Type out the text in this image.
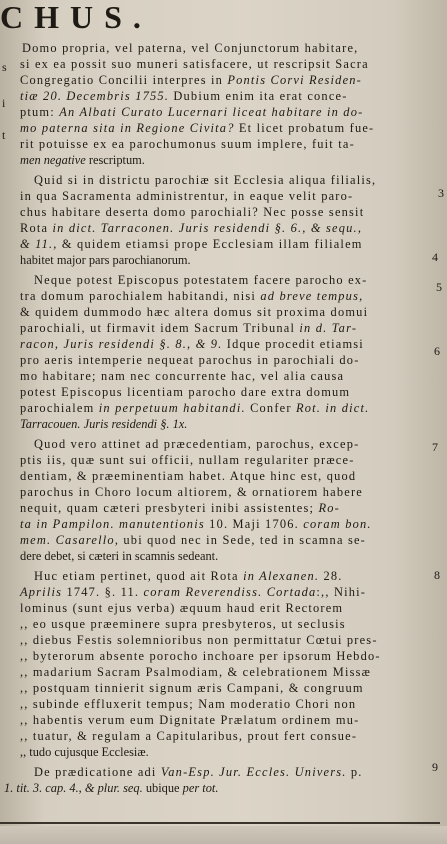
CHUS.
Domo propria, vel paterna, vel Conjunctorum habitare,
si ex ea possit suo muneri satisfacere, ut rescripsit Sacra
Congregatio Concilii interpres in Pontis Corvi Residen-
tiæ 20. Decembris 1755. Dubium enim ita erat conce-
ptum: An Albati Curato Lucernari liceat habitare in do-
mo paterna sita in Regione Civita? Et licet probatum fue-
rit potuisse ex ea parochumonus suum implere, fuit ta-
men negative rescriptum.
Quid si in districtu parochiæ sit Ecclesia aliqua filialis,
in qua Sacramenta administrentur, in eaque velit paro-
chus habitare deserta domo parochiali? Nec posse sensit
Rota in dict. Tarraconen. Juris residendi §. 6., & sequ.,
& 11., & quidem etiamsi prope Ecclesiam illam filialem
habitet major pars parochianorum.
Neque potest Episcopus potestatem facere parocho ex-
tra domum parochialem habitandi, nisi ad breve tempus,
& quidem dummodo hæc altera domus sit proxima domui
parochiali, ut firmavit idem Sacrum Tribunal in d. Tar-
racon, Juris residendi §. 8., & 9. Idque procedit etiamsi
pro aeris intemperie nequeat parochus in parochiali do-
mo habitare; nam nec concurrente hac, vel alia causa
potest Episcopus licentiam parocho dare extra domum
parochialem in perpetuum habitandi. Confer Rot. in dict.
Tarracouen. Juris residendi §. 1x.
Quod vero attinet ad præcedentiam, parochus, excep-
ptis iis, quæ sunt sui officii, nullam regulariter præce-
dentiam, & præeminentiam habet. Atque hinc est, quod
parochus in Choro locum altiorem, & ornatiorem habere
nequit, quam cæteri presbyteri inibi assistentes; Ro-
ta in Pampilon. manutentionis 10. Maji 1706. coram bon.
mem. Casarello, ubi quod nec in Sede, ted in scamna se-
dere debet, si cæteri in scamnis sedeant.
Huc etiam pertinet, quod ait Rota in Alexanen. 28.
Aprilis 1747. §. 11. coram Reverendiss. Cortada:,, Nihi-
lominus (sunt ejus verba) æquum haud erit Rectorem
,, eo usque præeminere supra presbyteros, ut seclusis
,, diebus Festis solemnioribus non permittatur Cœtui pres-
,, byterorum absente porocho inchoare per ipsorum Hebdo-
,, madarium Sacram Psalmodiam, & celebrationem Missæ
,, postquam tinnierit signum æris Campani, & congruum
,, subinde effluxerit tempus; Nam moderatio Chori non
,, habentis verum eum Dignitate Prælatum ordinem mu-
,, tuatur, & regulam a Capitularibus, prout fert consue-
,, tudo cujusque Ecclesiæ.
De prædicatione adi Van-Esp. Jur. Eccles. Univers. p.
1. tit. 3. cap. 4., & plur. seq. ubique per tot.
s
i
t
3
4
5
6
7
8
9
